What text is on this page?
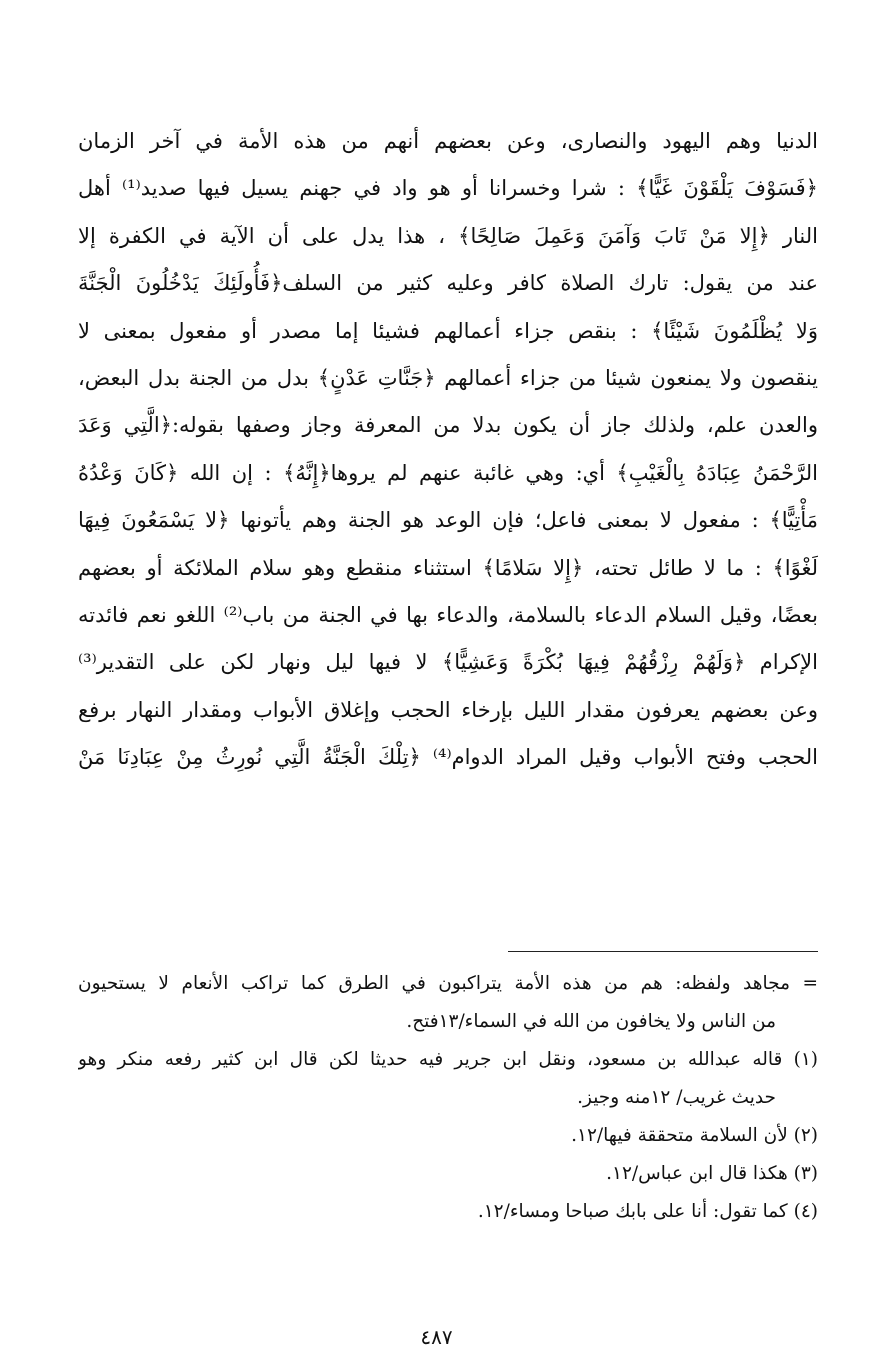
الدنيا وهم اليهود والنصارى، وعن بعضهم أنهم من هذه الأمة في آخر الزمان
﴿فَسَوْفَ يَلْقَوْنَ غَيًّا﴾ : شرا وخسرانا أو هو واد في جهنم يسيل فيها صديد⁽¹⁾ أهل
النار ﴿إِلا مَنْ تَابَ وَآمَنَ وَعَمِلَ صَالِحًا﴾ ، هذا يدل على أن الآية في الكفرة إلا
عند من يقول: تارك الصلاة كافر وعليه كثير من السلف﴿فَأُولَئِكَ يَدْخُلُونَ الْجَنَّةَ
وَلا يُظْلَمُونَ شَيْئًا﴾ : بنقص جزاء أعمالهم فشيئا إما مصدر أو مفعول بمعنى لا
ينقصون ولا يمنعون شيئا من جزاء أعمالهم ﴿جَنَّاتِ عَدْنٍ﴾ بدل من الجنة بدل البعض،
والعدن علم، ولذلك جاز أن يكون بدلا من المعرفة وجاز وصفها بقوله:﴿الَّتِي وَعَدَ
الرَّحْمَنُ عِبَادَهُ بِالْغَيْبِ﴾ أي: وهي غائبة عنهم لم يروها﴿إِنَّهُ﴾ : إن الله ﴿كَانَ وَعْدُهُ
مَأْتِيًّا﴾ : مفعول لا بمعنى فاعل؛ فإن الوعد هو الجنة وهم يأتونها ﴿لا يَسْمَعُونَ فِيهَا
لَغْوًا﴾ : ما لا طائل تحته، ﴿إِلا سَلامًا﴾ استثناء منقطع وهو سلام الملائكة أو بعضهم
بعضًا، وقيل السلام الدعاء بالسلامة، والدعاء بها في الجنة من باب⁽²⁾ اللغو نعم فائدته
الإكرام ﴿وَلَهُمْ رِزْقُهُمْ فِيهَا بُكْرَةً وَعَشِيًّا﴾ لا فيها ليل ونهار لكن على التقدير⁽³⁾
وعن بعضهم يعرفون مقدار الليل بإرخاء الحجب وإغلاق الأبواب ومقدار النهار برفع
الحجب وفتح الأبواب وقيل المراد الدوام⁽⁴⁾ ﴿تِلْكَ الْجَنَّةُ الَّتِي نُورِثُ مِنْ عِبَادِنَا مَنْ
= مجاهد ولفظه: هم من هذه الأمة يتراكبون في الطرق كما تراكب الأنعام لا يستحيون
من الناس ولا يخافون من الله في السماء/١٣فتح.
(١) قاله عبدالله بن مسعود، ونقل ابن جرير فيه حديثا لكن قال ابن كثير رفعه منكر وهو
حديث غريب/ ١٢منه وجيز.
(٢) لأن السلامة متحققة فيها/١٢.
(٣) هكذا قال ابن عباس/١٢.
(٤) كما تقول: أنا على بابك صباحا ومساء/١٢.
٤٨٧
